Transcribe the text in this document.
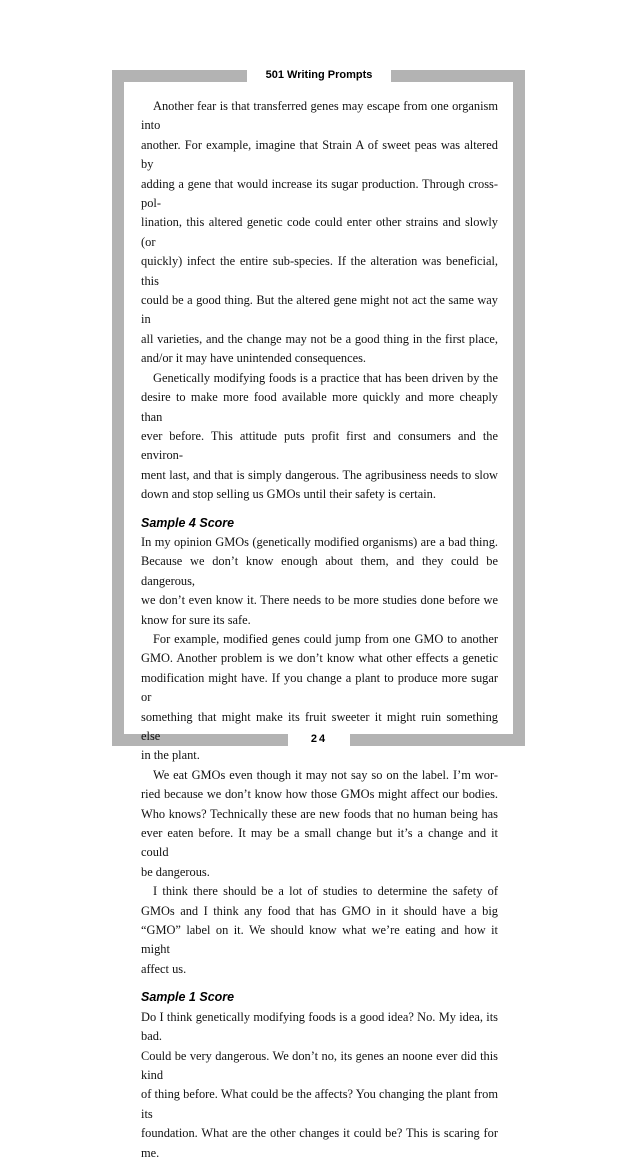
501 Writing Prompts
Another fear is that transferred genes may escape from one organism into
another. For example, imagine that Strain A of sweet peas was altered by
adding a gene that would increase its sugar production. Through cross-pol-
lination, this altered genetic code could enter other strains and slowly (or
quickly) infect the entire sub-species. If the alteration was beneficial, this
could be a good thing. But the altered gene might not act the same way in
all varieties, and the change may not be a good thing in the first place,
and/or it may have unintended consequences.
Genetically modifying foods is a practice that has been driven by the
desire to make more food available more quickly and more cheaply than
ever before. This attitude puts profit first and consumers and the environ-
ment last, and that is simply dangerous. The agribusiness needs to slow
down and stop selling us GMOs until their safety is certain.
Sample 4 Score
In my opinion GMOs (genetically modified organisms) are a bad thing.
Because we don’t know enough about them, and they could be dangerous,
we don’t even know it. There needs to be more studies done before we
know for sure its safe.
For example, modified genes could jump from one GMO to another
GMO. Another problem is we don’t know what other effects a genetic
modification might have. If you change a plant to produce more sugar or
something that might make its fruit sweeter it might ruin something else
in the plant.
We eat GMOs even though it may not say so on the label. I’m wor-
ried because we don’t know how those GMOs might affect our bodies.
Who knows? Technically these are new foods that no human being has
ever eaten before. It may be a small change but it’s a change and it could
be dangerous.
I think there should be a lot of studies to determine the safety of
GMOs and I think any food that has GMO in it should have a big
“GMO” label on it. We should know what we’re eating and how it might
affect us.
Sample 1 Score
Do I think genetically modifying foods is a good idea? No. My idea, its bad.
Could be very dangerous. We don’t no, its genes an noone ever did this kind
of thing before. What could be the affects? You changing the plant from its
foundation. What are the other changes it could be? This is scaring for me.
24
